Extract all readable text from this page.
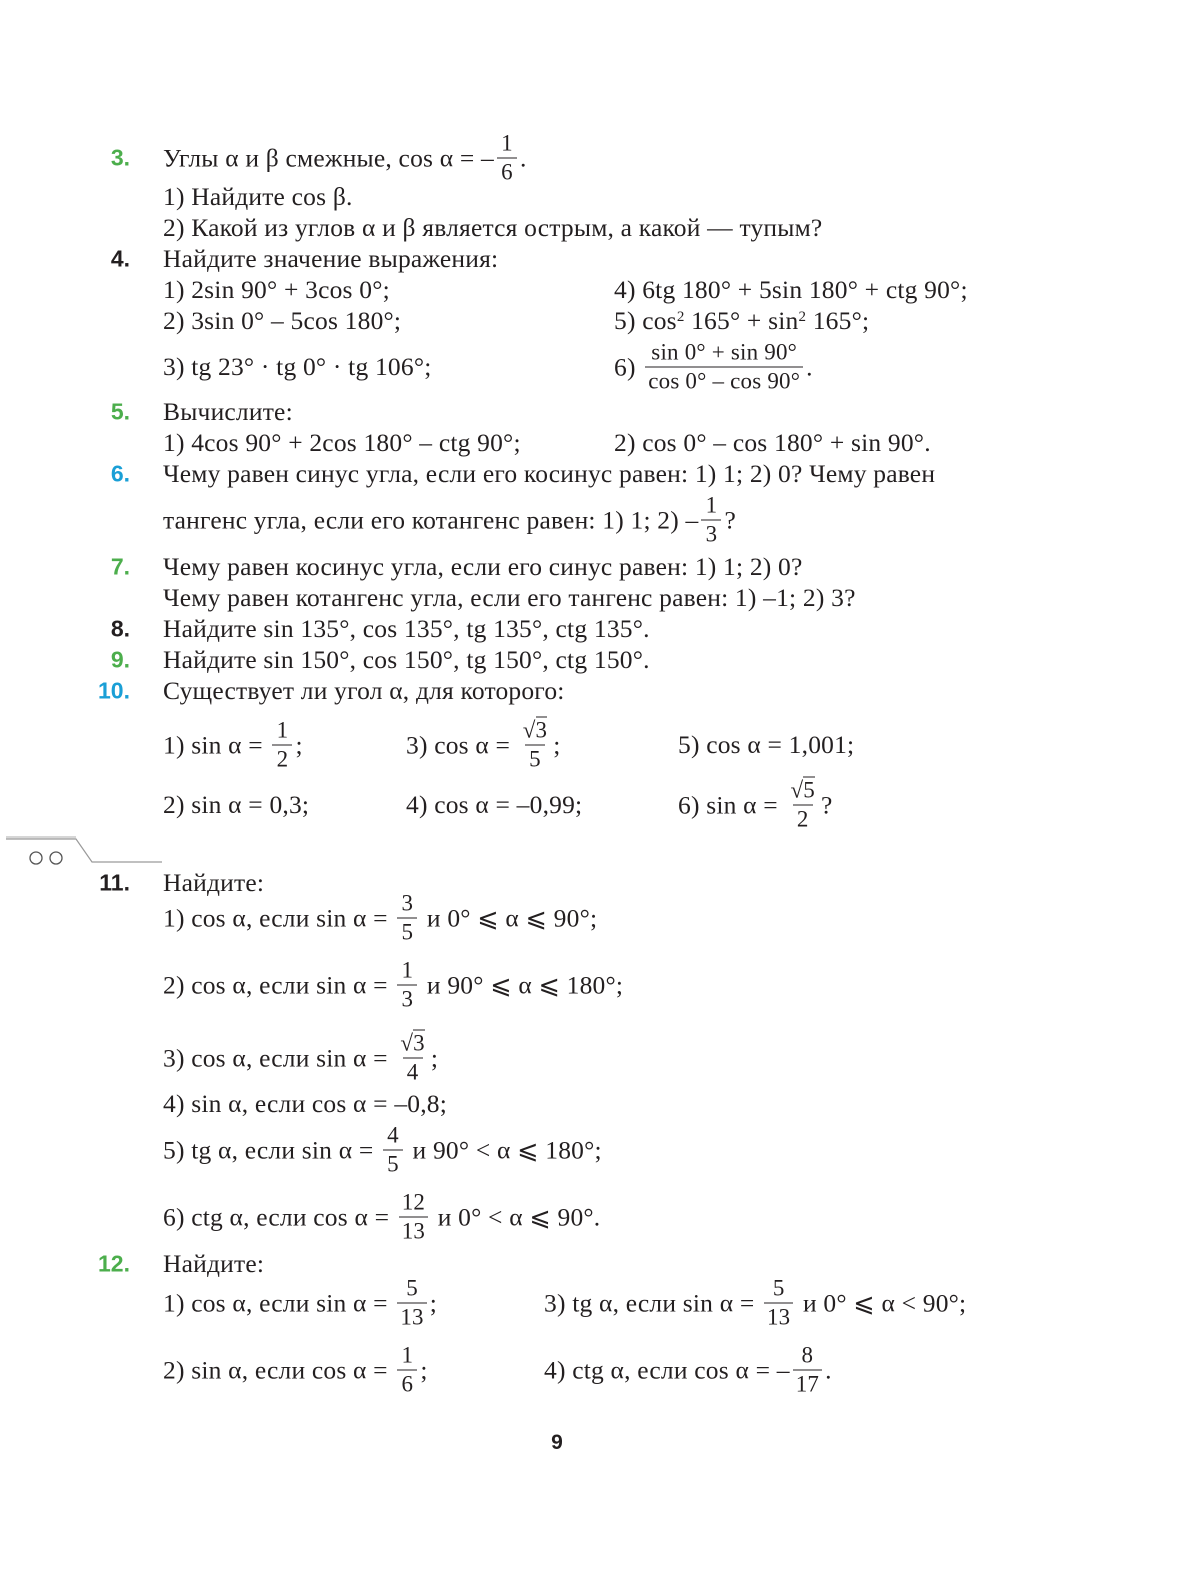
3. Углы α и β смежные, cos α = – $\frac{1}{6}$ .
1) Найдите cos β.
2) Какой из углов α и β является острым, а какой — тупым?
4. Найдите значение выражения:
1) 2sin 90° + 3cos 0°;	4) 6tg 180° + 5sin 180° + ctg 90°;
2) 3sin 0° – 5cos 180°;	5) $\cos^2 165^\circ + \sin^2 165^\circ$;
3) tg 23° · tg 0° · tg 106°;	$6) \frac{\sin 0^\circ + \sin 90^\circ}{\cos 0^\circ - \cos 90^\circ}$ .
5. Вычислите:
1) 4cos 90° + 2cos 180° – ctg 90°;	2) cos 0° – cos 180° + sin 90°.
6. Чему равен синус угла, если его косинус равен: 1) 1; 2) 0? Чему равен
тангенс угла, если его котангенс равен: 1) 1; $2) - \frac{1}{3}$ ?
7. Чему равен косинус угла, если его синус равен: 1) 1; 2) 0?
Чему равен котангенс угла, если его тангенс равен: 1) –1; 2) 3?
8. Найдите sin 135°, cos 135°, tg 135°, ctg 135°.
9. Найдите sin 150°, cos 150°, tg 150°, ctg 150°.
10. Существует ли угол α, для которого:
1) $\sin \alpha = \frac{1}{2}$ ;	3) $\cos \alpha = \frac{√3}{5}$ ;	5) cos α = 1,001;
2) sin α = 0,3;	4) cos α = –0,99;	6) $\sin \alpha = \frac{√5}{2}$ ?
11. Найдите:
1) cos α, если $\sin \alpha = \frac{3}{5}$ и 0° ⩽ α ⩽ 90°;
2) cos α, если $\sin \alpha = \frac{1}{3}$ и 90° ⩽ α ⩽ 180°;
3) cos α, если $\sin \alpha = \frac{√3}{4}$ ;
4) sin α, если cos α = –0,8;
5) tg α, если $\sin \alpha = \frac{4}{5}$ и 90° < α ⩽ 180°;
6) ctg α, если $\cos \alpha = \frac{12}{13}$ и 0° < α ⩽ 90°.
12. Найдите:
1) cos α, если $\sin \alpha = \frac{5}{13}$ ;	3) tg α, если $\sin \alpha = \frac{5}{13}$ и 0° ⩽ α < 90°;
2) sin α, если $\cos \alpha = \frac{1}{6}$ ;	4) ctg α, если cos α = – $\frac{8}{17}$ .
9
